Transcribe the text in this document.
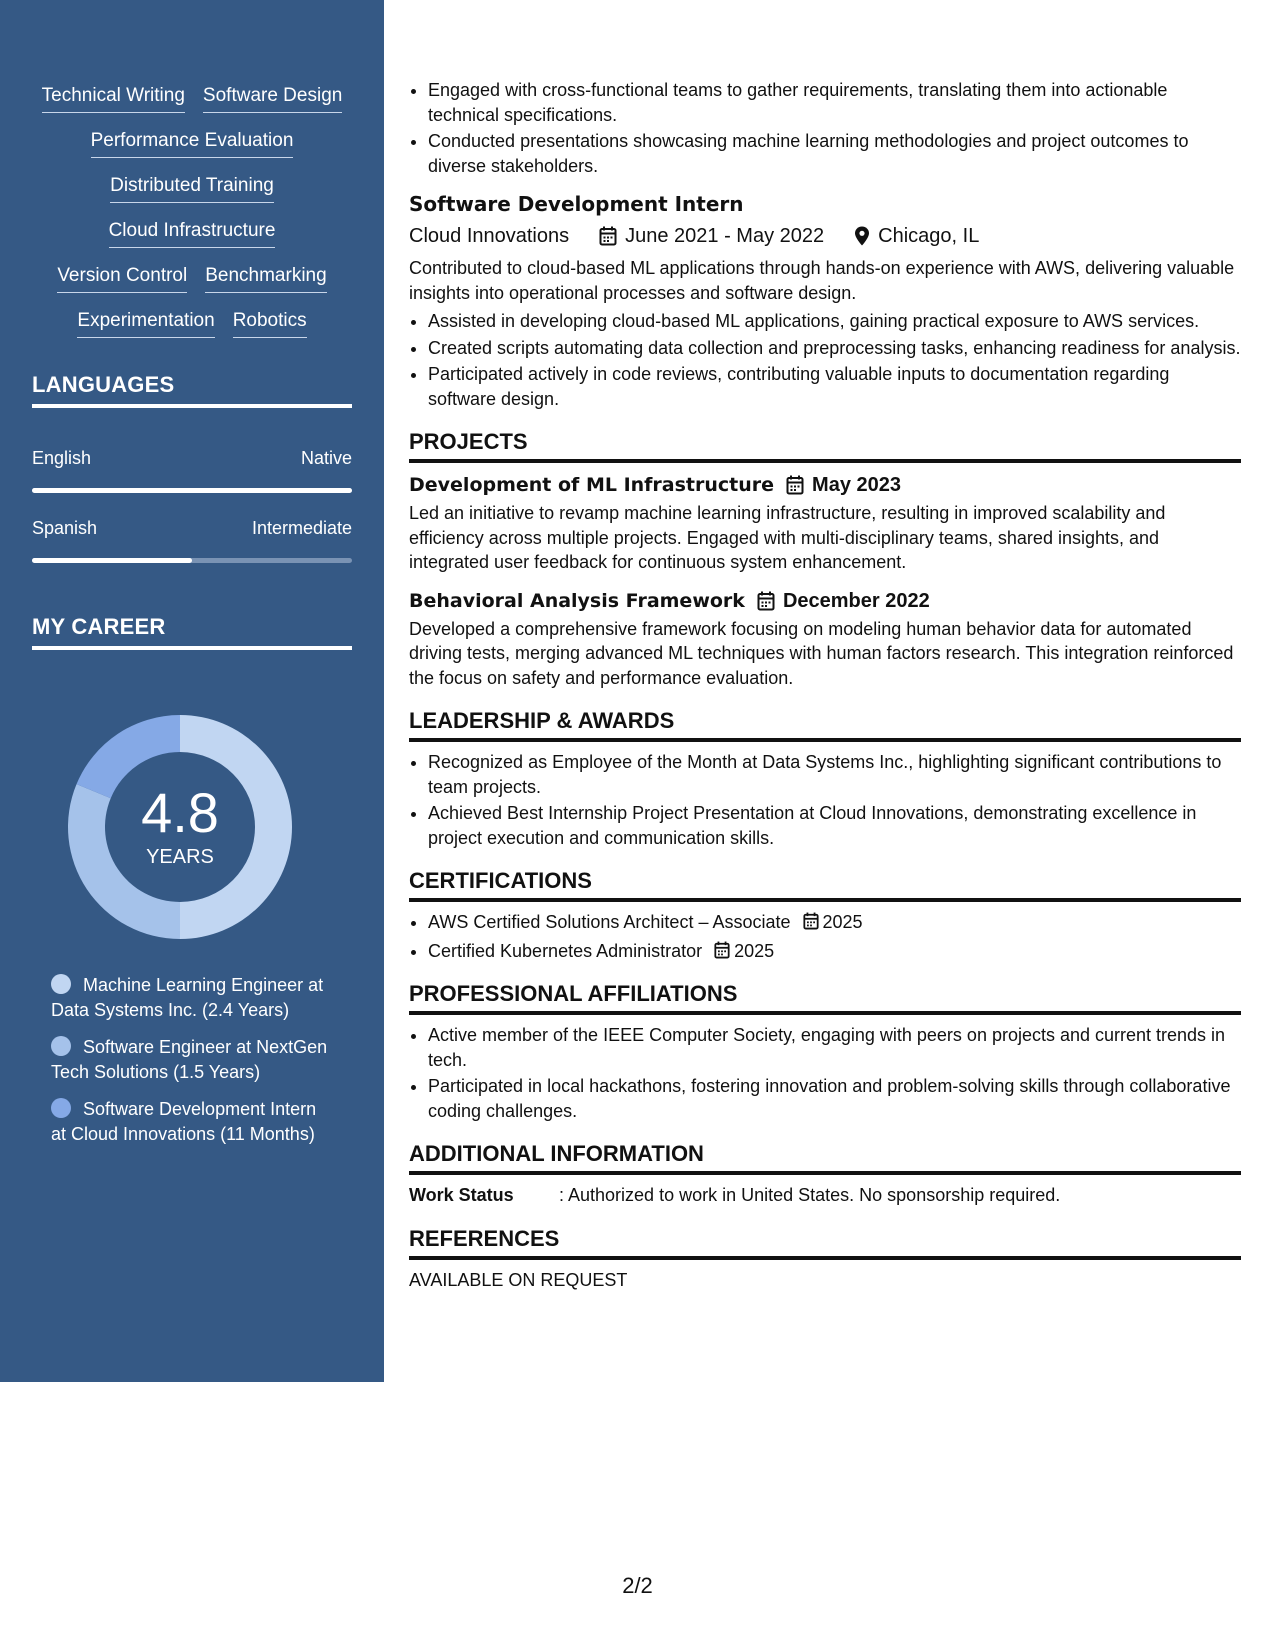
Technical Writing Software Design
Performance Evaluation
Distributed Training
Cloud Infrastructure
Version Control Benchmarking
Experimentation Robotics
LANGUAGES
English	Native
Spanish	Intermediate
MY CAREER
4.8
YEARS
Machine Learning Engineer at Data Systems Inc. (2.4 Years)
Software Engineer at NextGen Tech Solutions (1.5 Years)
Software Development Intern at Cloud Innovations (11 Months)
• Engaged with cross-functional teams to gather requirements, translating them into actionable technical specifications.
• Conducted presentations showcasing machine learning methodologies and project outcomes to diverse stakeholders.
Software Development Intern
Cloud Innovations	June 2021 - May 2022	Chicago, IL
Contributed to cloud-based ML applications through hands-on experience with AWS, delivering valuable insights into operational processes and software design.
• Assisted in developing cloud-based ML applications, gaining practical exposure to AWS services.
• Created scripts automating data collection and preprocessing tasks, enhancing readiness for analysis.
• Participated actively in code reviews, contributing valuable inputs to documentation regarding software design.
PROJECTS
Development of ML Infrastructure May 2023
Led an initiative to revamp machine learning infrastructure, resulting in improved scalability and efficiency across multiple projects. Engaged with multi-disciplinary teams, shared insights, and integrated user feedback for continuous system enhancement.
Behavioral Analysis Framework December 2022
Developed a comprehensive framework focusing on modeling human behavior data for automated driving tests, merging advanced ML techniques with human factors research. This integration reinforced the focus on safety and performance evaluation.
LEADERSHIP & AWARDS
• Recognized as Employee of the Month at Data Systems Inc., highlighting significant contributions to team projects.
• Achieved Best Internship Project Presentation at Cloud Innovations, demonstrating excellence in project execution and communication skills.
CERTIFICATIONS
• AWS Certified Solutions Architect – Associate 2025
• Certified Kubernetes Administrator 2025
PROFESSIONAL AFFILIATIONS
• Active member of the IEEE Computer Society, engaging with peers on projects and current trends in tech.
• Participated in local hackathons, fostering innovation and problem-solving skills through collaborative coding challenges.
ADDITIONAL INFORMATION
Work Status	: Authorized to work in United States. No sponsorship required.
REFERENCES
AVAILABLE ON REQUEST
2/2
